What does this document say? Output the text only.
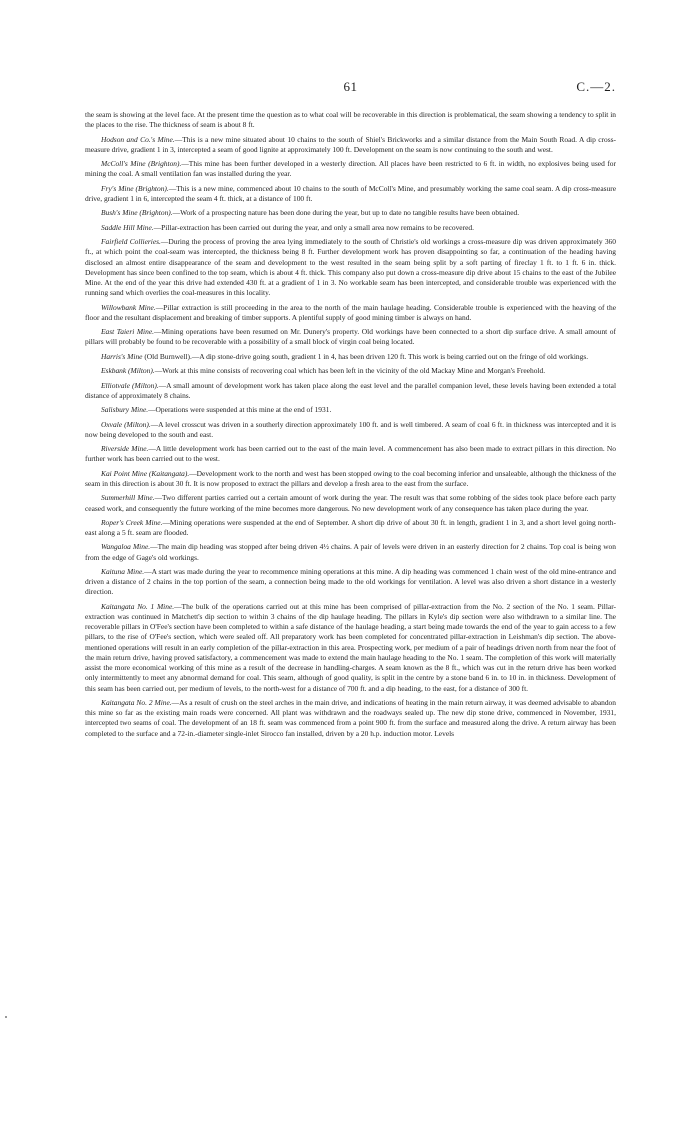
61	C.—2.

the seam is showing at the level face. At the present time the question as to what coal will be recoverable in this direction is problematical, the seam showing a tendency to split in the places to the rise. The thickness of seam is about 8 ft.

Hodson and Co.'s Mine.—This is a new mine situated about 10 chains to the south of Shiel's Brickworks and a similar distance from the Main South Road. A dip cross-measure drive, gradient 1 in 3, intercepted a seam of good lignite at approximately 100 ft. Development on the seam is now continuing to the south and west.

McColl's Mine (Brighton).—This mine has been further developed in a westerly direction. All places have been restricted to 6 ft. in width, no explosives being used for mining the coal. A small ventilation fan was installed during the year.

Fry's Mine (Brighton).—This is a new mine, commenced about 10 chains to the south of McColl's Mine, and presumably working the same coal seam. A dip cross-measure drive, gradient 1 in 6, intercepted the seam 4 ft. thick, at a distance of 100 ft.

Bush's Mine (Brighton).—Work of a prospecting nature has been done during the year, but up to date no tangible results have been obtained.

Saddle Hill Mine.—Pillar-extraction has been carried out during the year, and only a small area now remains to be recovered.

Fairfield Collieries.—During the process of proving the area lying immediately to the south of Christie's old workings a cross-measure dip was driven approximately 360 ft., at which point the coal-seam was intercepted, the thickness being 8 ft. Further development work has proven disappointing so far, a continuation of the heading having disclosed an almost entire disappearance of the seam and development to the west resulted in the seam being split by a soft parting of fireclay 1 ft. to 1 ft. 6 in. thick. Development has since been confined to the top seam, which is about 4 ft. thick. This company also put down a cross-measure dip drive about 15 chains to the east of the Jubilee Mine. At the end of the year this drive had extended 430 ft. at a gradient of 1 in 3. No workable seam has been intercepted, and considerable trouble was experienced with the running sand which overlies the coal-measures in this locality.

Willowbank Mine.—Pillar extraction is still proceeding in the area to the north of the main haulage heading. Considerable trouble is experienced with the heaving of the floor and the resultant displacement and breaking of timber supports. A plentiful supply of good mining timber is always on hand.

East Taieri Mine.—Mining operations have been resumed on Mr. Dunery's property. Old workings have been connected to a short dip surface drive. A small amount of pillars will probably be found to be recoverable with a possibility of a small block of virgin coal being located.

Harris's Mine (Old Burnwell).—A dip stone-drive going south, gradient 1 in 4, has been driven 120 ft. This work is being carried out on the fringe of old workings.

Eskbank (Milton).—Work at this mine consists of recovering coal which has been left in the vicinity of the old Mackay Mine and Morgan's Freehold.

Elliotvale (Milton).—A small amount of development work has taken place along the east level and the parallel companion level, these levels having been extended a total distance of approximately 8 chains.

Salisbury Mine.—Operations were suspended at this mine at the end of 1931.

Oxvale (Milton).—A level crosscut was driven in a southerly direction approximately 100 ft. and is well timbered. A seam of coal 6 ft. in thickness was intercepted and it is now being developed to the south and east.

Riverside Mine.—A little development work has been carried out to the east of the main level. A commencement has also been made to extract pillars in this direction. No further work has been carried out to the west.

Kai Point Mine (Kaitangata).—Development work to the north and west has been stopped owing to the coal becoming inferior and unsaleable, although the thickness of the seam in this direction is about 30 ft. It is now proposed to extract the pillars and develop a fresh area to the east from the surface.

Summerhill Mine.—Two different parties carried out a certain amount of work during the year. The result was that some robbing of the sides took place before each party ceased work, and consequently the future working of the mine becomes more dangerous. No new development work of any consequence has taken place during the year.

Roper's Creek Mine.—Mining operations were suspended at the end of September. A short dip drive of about 30 ft. in length, gradient 1 in 3, and a short level going north-east along a 5 ft. seam are flooded.

Wangaloa Mine.—The main dip heading was stopped after being driven 4½ chains. A pair of levels were driven in an easterly direction for 2 chains. Top coal is being won from the edge of Gage's old workings.

Kaituna Mine.—A start was made during the year to recommence mining operations at this mine. A dip heading was commenced 1 chain west of the old mine-entrance and driven a distance of 2 chains in the top portion of the seam, a connection being made to the old workings for ventilation. A level was also driven a short distance in a westerly direction.

Kaitangata No. 1 Mine.—The bulk of the operations carried out at this mine has been comprised of pillar-extraction from the No. 2 section of the No. 1 seam. Pillar-extraction was continued in Matchett's dip section to within 3 chains of the dip haulage heading. The pillars in Kyle's dip section were also withdrawn to a similar line. The recoverable pillars in O'Fee's section have been completed to within a safe distance of the haulage heading, a start being made towards the end of the year to gain access to a few pillars, to the rise of O'Fee's section, which were sealed off. All preparatory work has been completed for concentrated pillar-extraction in Leishman's dip section. The above-mentioned operations will result in an early completion of the pillar-extraction in this area. Prospecting work, per medium of a pair of headings driven north from near the foot of the main return drive, having proved satisfactory, a commencement was made to extend the main haulage heading to the No. 1 seam. The completion of this work will materially assist the more economical working of this mine as a result of the decrease in handling-charges. A seam known as the 8 ft., which was cut in the return drive has been worked only intermittently to meet any abnormal demand for coal. This seam, although of good quality, is split in the centre by a stone band 6 in. to 10 in. in thickness. Development of this seam has been carried out, per medium of levels, to the north-west for a distance of 700 ft. and a dip heading, to the east, for a distance of 300 ft.

Kaitangata No. 2 Mine.—As a result of crush on the steel arches in the main drive, and indications of heating in the main return airway, it was deemed advisable to abandon this mine so far as the existing main roads were concerned. All plant was withdrawn and the roadways sealed up. The new dip stone drive, commenced in November, 1931, intercepted two seams of coal. The development of an 18 ft. seam was commenced from a point 900 ft. from the surface and measured along the drive. A return airway has been completed to the surface and a 72-in.-diameter single-inlet Sirocco fan installed, driven by a 20 h.p. induction motor. Levels
